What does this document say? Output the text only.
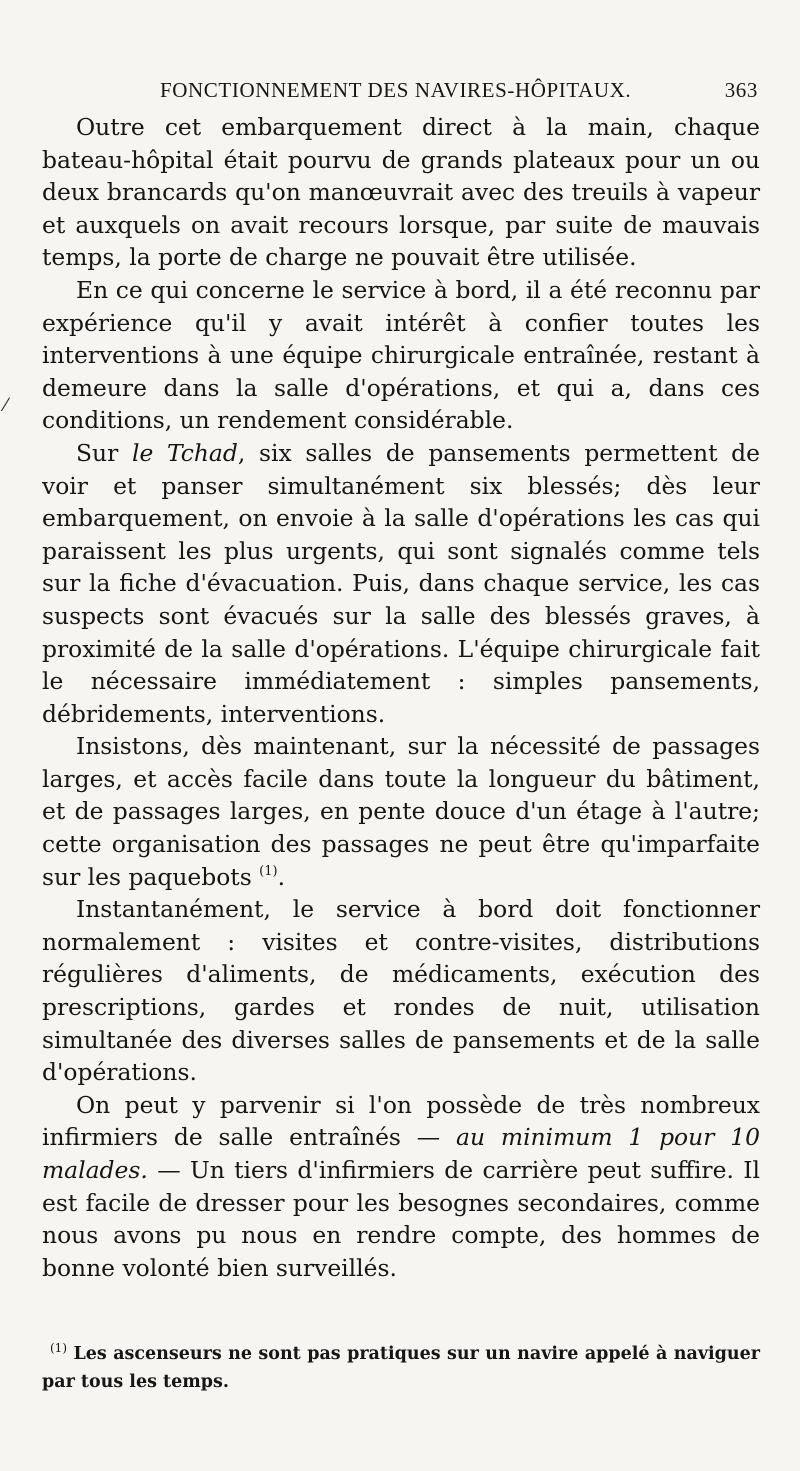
⁄
FONCTIONNEMENT DES NAVIRES-HÔPITAUX.	363

Outre cet embarquement direct à la main, chaque bateau-hôpital était pourvu de grands plateaux pour un ou deux brancards qu'on manœuvrait avec des treuils à vapeur et auxquels on avait recours lorsque, par suite de mauvais temps, la porte de charge ne pouvait être utilisée.

En ce qui concerne le service à bord, il a été reconnu par expérience qu'il y avait intérêt à confier toutes les interventions à une équipe chirurgicale entraînée, restant à demeure dans la salle d'opérations, et qui a, dans ces conditions, un rendement considérable.

Sur le Tchad, six salles de pansements permettent de voir et panser simultanément six blessés; dès leur embarquement, on envoie à la salle d'opérations les cas qui paraissent les plus urgents, qui sont signalés comme tels sur la fiche d'évacuation. Puis, dans chaque service, les cas suspects sont évacués sur la salle des blessés graves, à proximité de la salle d'opérations. L'équipe chirurgicale fait le nécessaire immédiatement : simples pansements, débridements, interventions.

Insistons, dès maintenant, sur la nécessité de passages larges, et accès facile dans toute la longueur du bâtiment, et de passages larges, en pente douce d'un étage à l'autre; cette organisation des passages ne peut être qu'imparfaite sur les paquebots $^{(1)}$.

Instantanément, le service à bord doit fonctionner normalement : visites et contre-visites, distributions régulières d'aliments, de médicaments, exécution des prescriptions, gardes et rondes de nuit, utilisation simultanée des diverses salles de pansements et de la salle d'opérations.

On peut y parvenir si l'on possède de très nombreux infirmiers de salle entraînés — au minimum 1 pour 10 malades. — Un tiers d'infirmiers de carrière peut suffire. Il est facile de dresser pour les besognes secondaires, comme nous avons pu nous en rendre compte, des hommes de bonne volonté bien surveillés.

$^{(1)}$ Les ascenseurs ne sont pas pratiques sur un navire appelé à naviguer par tous les temps.
